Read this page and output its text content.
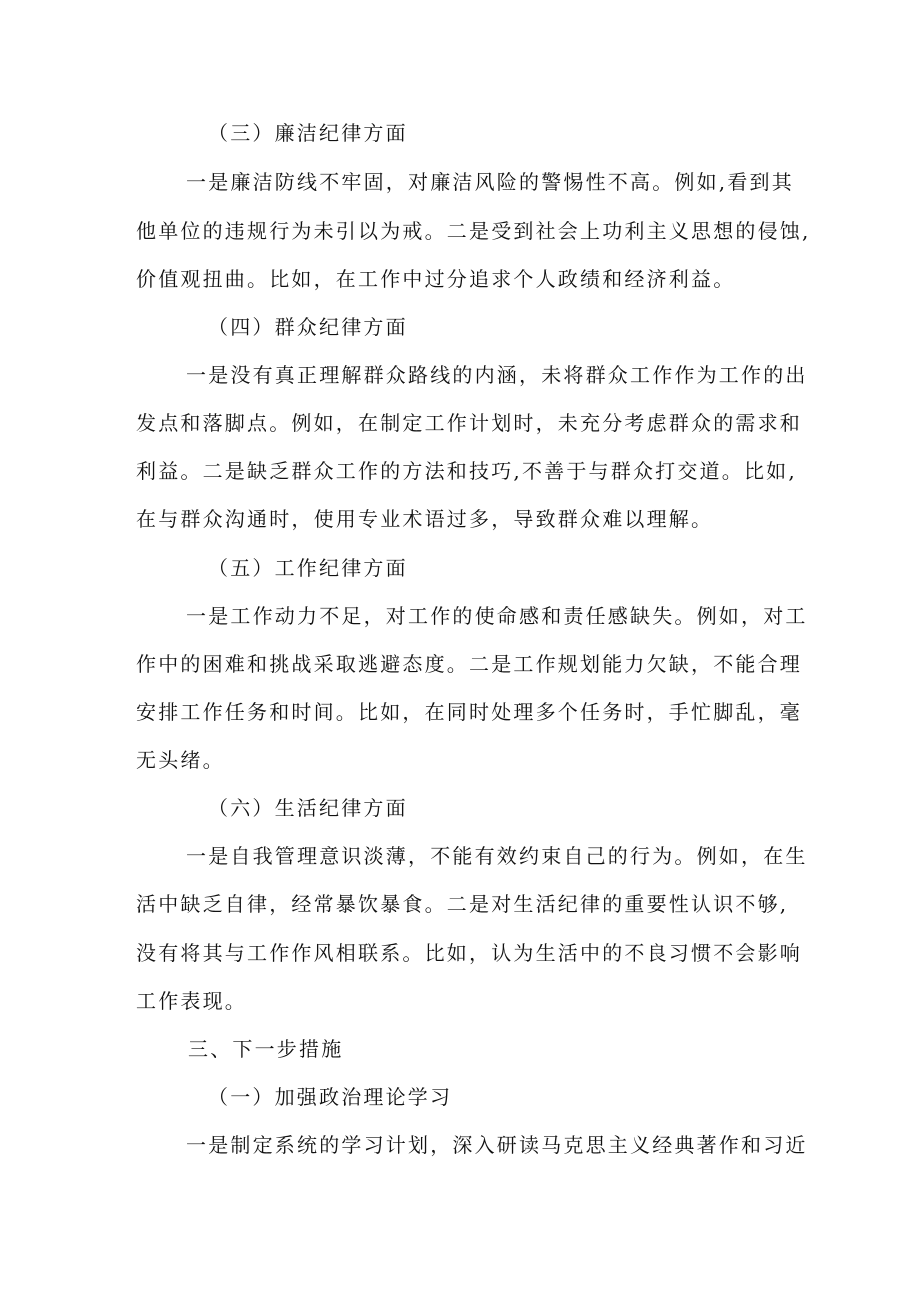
（三）廉洁纪律方面
一是廉洁防线不牢固，对廉洁风险的警惕性不高。例如,看到其
他单位的违规行为未引以为戒。二是受到社会上功利主义思想的侵蚀,
价值观扭曲。比如，在工作中过分追求个人政绩和经济利益。
（四）群众纪律方面
一是没有真正理解群众路线的内涵，未将群众工作作为工作的出
发点和落脚点。例如，在制定工作计划时，未充分考虑群众的需求和
利益。二是缺乏群众工作的方法和技巧,不善于与群众打交道。比如,
在与群众沟通时，使用专业术语过多，导致群众难以理解。
（五）工作纪律方面
一是工作动力不足，对工作的使命感和责任感缺失。例如，对工
作中的困难和挑战采取逃避态度。二是工作规划能力欠缺，不能合理
安排工作任务和时间。比如，在同时处理多个任务时，手忙脚乱，毫
无头绪。
（六）生活纪律方面
一是自我管理意识淡薄，不能有效约束自己的行为。例如，在生
活中缺乏自律，经常暴饮暴食。二是对生活纪律的重要性认识不够,
没有将其与工作作风相联系。比如，认为生活中的不良习惯不会影响
工作表现。
三、下一步措施
（一）加强政治理论学习
一是制定系统的学习计划，深入研读马克思主义经典著作和习近
